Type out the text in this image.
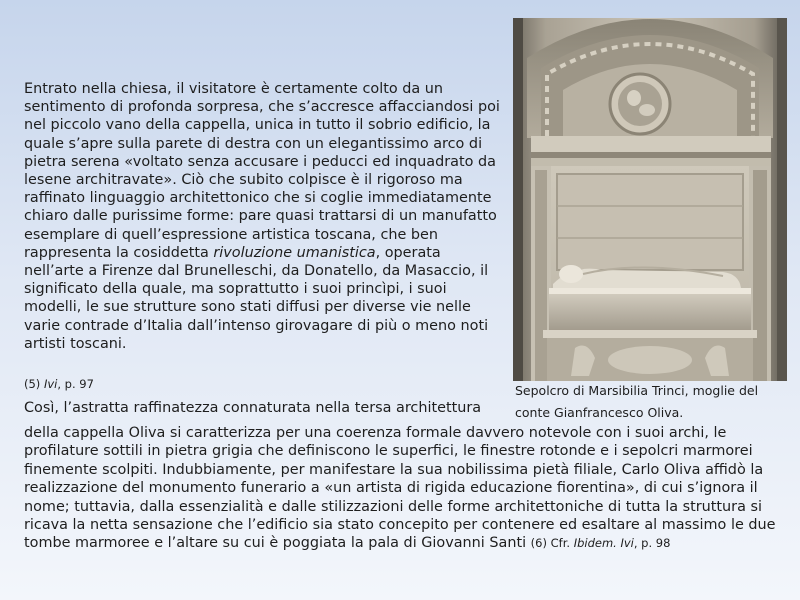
Entrato nella chiesa, il visitatore è certamente colto da un sentimento di profonda sorpresa, che s’accresce affacciandosi poi nel piccolo vano della cappella, unica in tutto il sobrio edificio, la quale s’apre sulla parete di destra con un elegantissimo arco di pietra serena «voltato senza accusare i peducci ed inquadrato da lesene architravate». Ciò che subito colpisce è il rigoroso ma raffinato linguaggio architettonico che si coglie immediatamente chiaro dalle purissime forme: pare quasi trattarsi di un manufatto esemplare di quell’espressione artistica toscana, che ben rappresenta la cosiddetta rivoluzione umanistica, operata nell’arte a Firenze dal Brunelleschi, da Donatello, da Masaccio, il significato della quale, ma soprattutto i suoi princìpi, i suoi modelli, le sue strutture sono stati diffusi per diverse vie nelle varie contrade d’Italia dall’intenso girovagare di più o meno noti artisti toscani.

(5) Ivi, p. 97
Così, l’astratta raffinatezza connaturata nella tersa architettura

della cappella Oliva si caratterizza per una coerenza formale davvero notevole con i suoi archi, le profilature sottili in pietra grigia che definiscono le superfici, le finestre rotonde e i sepolcri marmorei finemente scolpiti. Indubbiamente, per manifestare la sua nobilissima pietà filiale, Carlo Oliva affidò la realizzazione del monumento funerario a «un artista di rigida educazione fiorentina», di cui s’ignora il nome; tuttavia, dalla essenzialità e dalle stilizzazioni delle forme architettoniche di tutta la struttura si ricava la netta sensazione che l’edificio sia stato concepito per contenere ed esaltare al massimo le due tombe marmoree e l’altare su cui è poggiata la pala di Giovanni Santi (6) Cfr. Ibidem. Ivi, p. 98

Sepolcro di Marsibilia Trinci, moglie del
conte Gianfrancesco Oliva.
